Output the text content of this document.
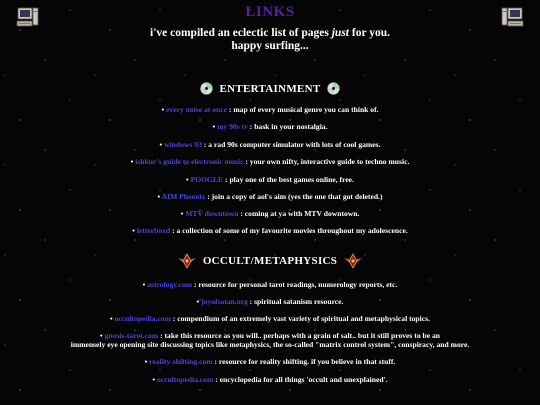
LINKS
i've compiled an eclectic list of pages just for you.
happy surfing...
ENTERTAINMENT
• every noise at once : map of every musical genre you can think of.
• my 90s tv : bask in your nostalgia.
• windows 93 : a rad 90s computer simulator with lots of cool games.
• ishkur's guide to electronic music : your own nifty, interactive guide to techno music.
• POOGLE : play one of the best games online, free.
• AIM Phoenix : join a copy of aol's aim (yes the one that got deleted.)
• MTV downtown : coming at ya with MTV downtown.
• letterboxd : a collection of some of my favourite movies throughout my adolescence.
OCCULT/METAPHYSICS
• astrology.com : resource for personal tarot readings, numerology reports, etc.
• joyofsatan.org : spiritual satanism resource.
• occultopedia.com : compendium of an extremely vast variety of spiritual and metaphysical topics.
• gnosis-tarot.com : take this resource as you will.. perhaps with a grain of salt.. but it still proves to be an
immensely eye opening site discussing topics like metaphysics, the so-called "matrix control system", conspiracy, and more.
• reality-shifting.com : resource for reality shifting. if you believe in that stuff.
• occultopedia.com : encyclopedia for all things 'occult and unexplained'.
